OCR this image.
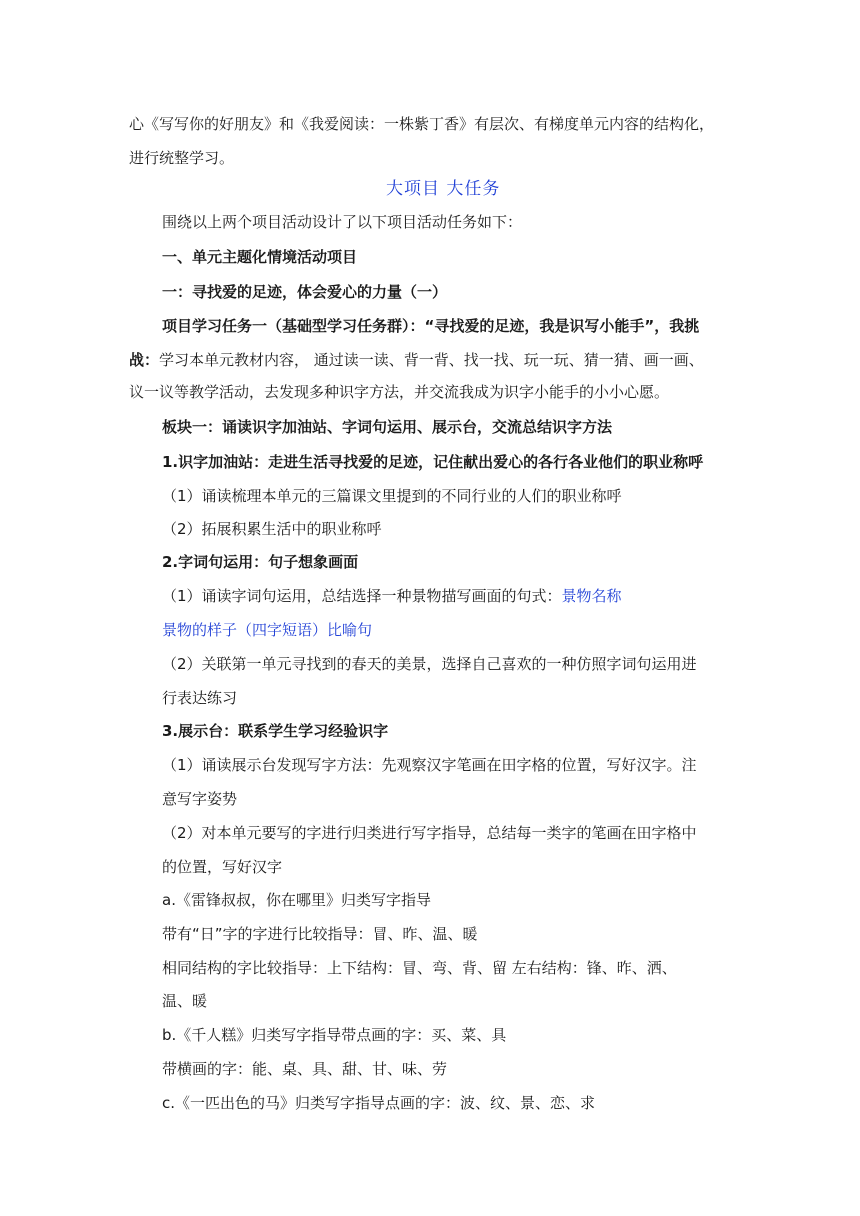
心《写写你的好朋友》和《我爱阅读：一株紫丁香》有层次、有梯度单元内容的结构化，
进行统整学习。
大项目 大任务
围绕以上两个项目活动设计了以下项目活动任务如下：
一、单元主题化情境活动项目
一：寻找爱的足迹，体会爱心的力量（一）
项目学习任务一（基础型学习任务群）：“寻找爱的足迹，我是识写小能手”，我挑
战：学习本单元教材内容， 通过读一读、背一背、找一找、玩一玩、猜一猜、画一画、
议一议等教学活动，去发现多种识字方法，并交流我成为识字小能手的小小心愿。
板块一：诵读识字加油站、字词句运用、展示台，交流总结识字方法
1.识字加油站：走进生活寻找爱的足迹，记住献出爱心的各行各业他们的职业称呼
（1）诵读梳理本单元的三篇课文里提到的不同行业的人们的职业称呼
（2）拓展积累生活中的职业称呼
2.字词句运用：句子想象画面
（1）诵读字词句运用，总结选择一种景物描写画面的句式：景物名称
景物的样子（四字短语）比喻句
（2）关联第一单元寻找到的春天的美景，选择自己喜欢的一种仿照字词句运用进
行表达练习
3.展示台：联系学生学习经验识字
（1）诵读展示台发现写字方法：先观察汉字笔画在田字格的位置，写好汉字。注
意写字姿势
（2）对本单元要写的字进行归类进行写字指导，总结每一类字的笔画在田字格中
的位置，写好汉字
a.《雷锋叔叔，你在哪里》归类写字指导
带有“日”字的字进行比较指导：冒、昨、温、暖
相同结构的字比较指导：上下结构：冒、弯、背、留 左右结构：锋、昨、洒、
温、暖
b.《千人糕》归类写字指导带点画的字：买、菜、具
带横画的字：能、桌、具、甜、甘、味、劳
c.《一匹出色的马》归类写字指导点画的字：波、纹、景、恋、求
